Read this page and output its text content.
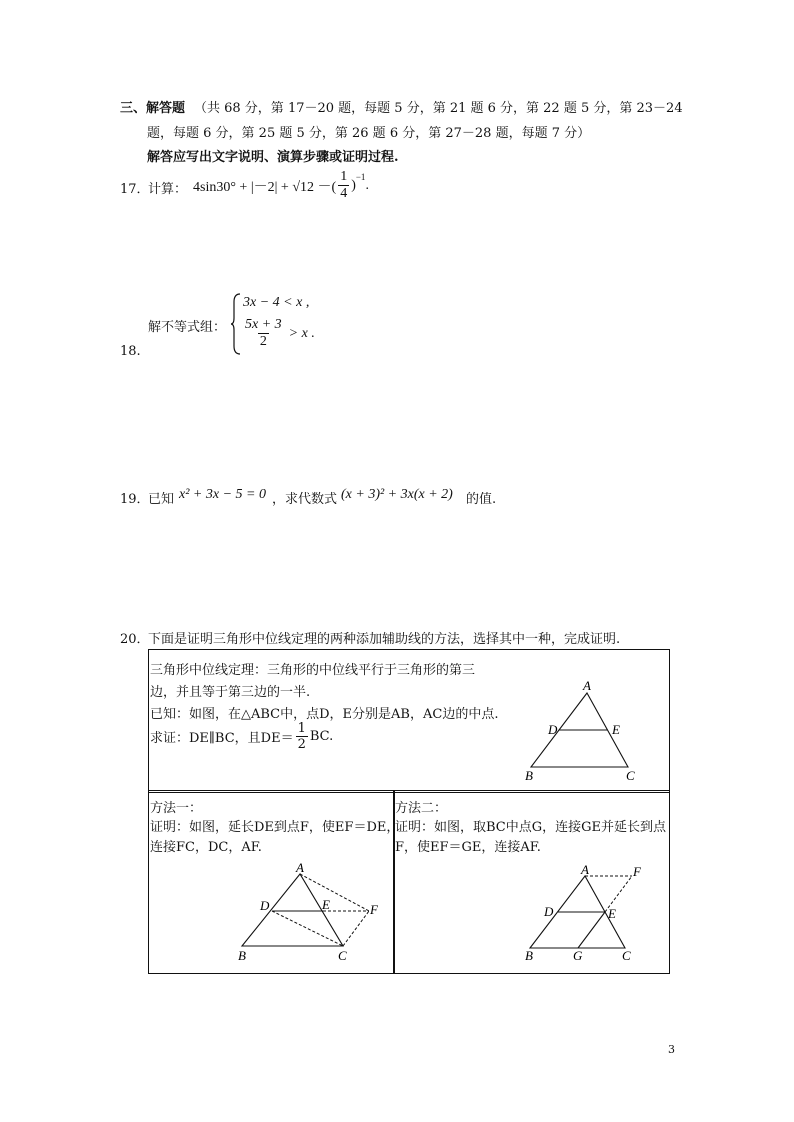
三、解答题 （共 68 分，第 17－20 题，每题 5 分，第 21 题 6 分，第 22 题 5 分，第 23－24
题，每题 6 分，第 25 题 5 分，第 26 题 6 分，第 27－28 题，每题 7 分）
解答应写出文字说明、演算步骤或证明过程.
17．
计算： 4sin30° + |－2| + √12 －( $\frac{1}{4}$ )
$^{-1}$
.
18.
解不等式组：
3x − 4 < x ,
$\frac{5x + 3}{2} > x$ .
19．
已知 x² + 3x − 5 = 0 ，求代数式 (x + 3)² + 3x(x + 2) 的值.
20．
下面是证明三角形中位线定理的两种添加辅助线的方法，选择其中一种，完成证明.
三角形中位线定理：三角形的中位线平行于三角形的第三
边，并且等于第三边的一半.
已知：如图，在△ABC中，点D，E分别是AB，AC边的中点.
求证：DE∥BC，且$DE= \frac{1}{2}$ BC.
A
D	E
B	C
方法一：
证明：如图，延长DE到点F，使EF＝DE，
连接FC，DC，AF.
方法二：
证明：如图，取BC中点G，连接GE并延长到点
F，使EF＝GE，连接AF.
A
D	E	F
B	C
A	F
D	E
B	G	C
3
